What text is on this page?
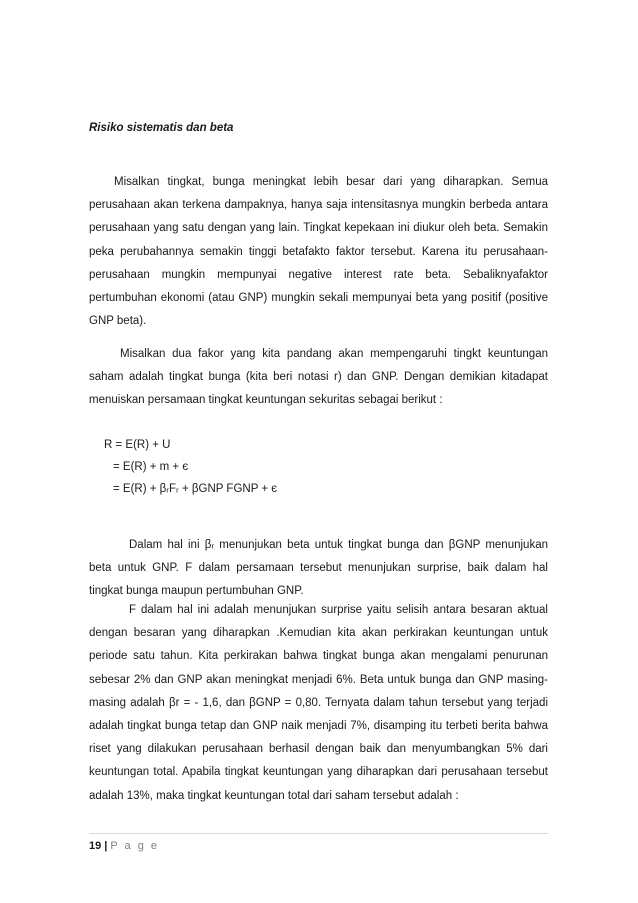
Risiko sistematis dan beta

Misalkan tingkat, bunga meningkat lebih besar dari yang diharapkan. Semua perusahaan akan terkena dampaknya, hanya saja intensitasnya mungkin berbeda antara perusahaan yang satu dengan yang lain. Tingkat kepekaan ini diukur oleh beta. Semakin peka perubahannya semakin tinggi betafakto faktor tersebut. Karena itu perusahaan-perusahaan mungkin mempunyai negative interest rate beta. Sebaliknyafaktor pertumbuhan ekonomi (atau GNP) mungkin sekali mempunyai beta yang positif (positive GNP beta).

Misalkan dua fakor yang kita pandang akan mempengaruhi tingkt keuntungan saham adalah tingkat bunga (kita beri notasi r) dan GNP. Dengan demikian kitadapat menuiskan persamaan tingkat keuntungan sekuritas sebagai berikut :

R = E(R) + U
= E(R) + m + є
= E(R) + βᵣFᵣ + βGNP FGNP + є

Dalam hal ini βᵣ menunjukan beta untuk tingkat bunga dan βGNP menunjukan beta untuk GNP. F dalam persamaan tersebut menunjukan surprise, baik dalam hal tingkat bunga maupun pertumbuhan GNP.

F dalam hal ini adalah menunjukan surprise yaitu selisih antara besaran aktual dengan besaran yang diharapkan .Kemudian kita akan perkirakan keuntungan untuk periode satu tahun. Kita perkirakan bahwa tingkat bunga akan mengalami penurunan sebesar 2% dan GNP akan meningkat menjadi 6%. Beta untuk bunga dan GNP masing-masing adalah βr = - 1,6, dan βGNP = 0,80. Ternyata dalam tahun tersebut yang terjadi adalah tingkat bunga tetap dan GNP naik menjadi 7%, disamping itu terbeti berita bahwa riset yang dilakukan perusahaan berhasil dengan baik dan menyumbangkan 5% dari keuntungan total. Apabila tingkat keuntungan yang diharapkan dari perusahaan tersebut adalah 13%, maka tingkat keuntungan total dari saham tersebut adalah :

19 | P a g e
